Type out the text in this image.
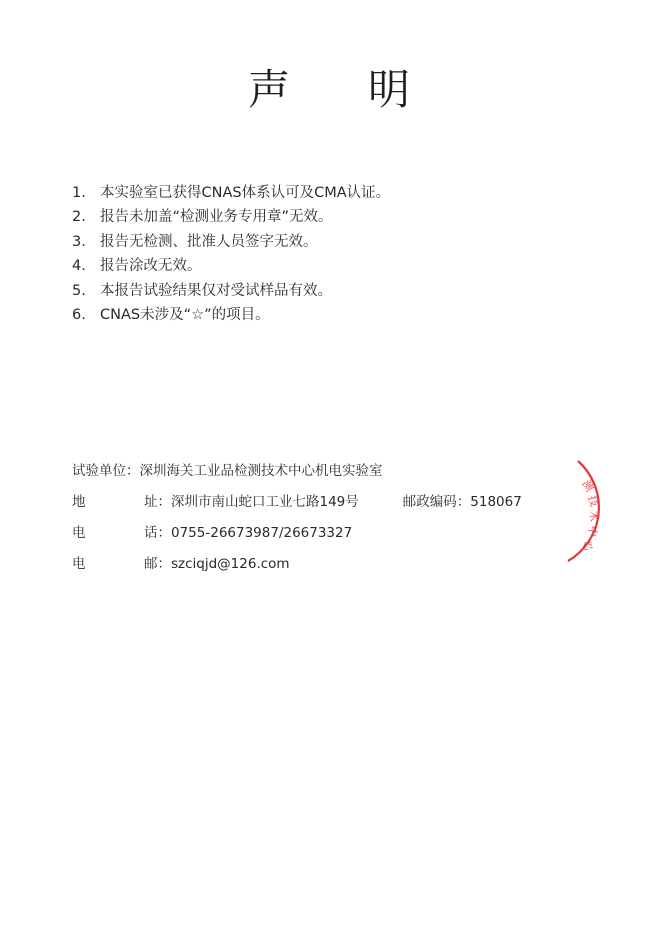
声 明
1. 本实验室已获得CNAS体系认可及CMA认证。
2. 报告未加盖“检测业务专用章”无效。
3. 报告无检测、批准人员签字无效。
4. 报告涂改无效。
5. 本报告试验结果仅对受试样品有效。
6. CNAS未涉及“☆”的项目。
试验单位：深圳海关工业品检测技术中心机电实验室
地	址：深圳市南山蛇口工业七路149号	邮政编码：518067
电	话：0755-26673987/26673327
电	邮：szciqjd@126.com
测
技
术
中
心
